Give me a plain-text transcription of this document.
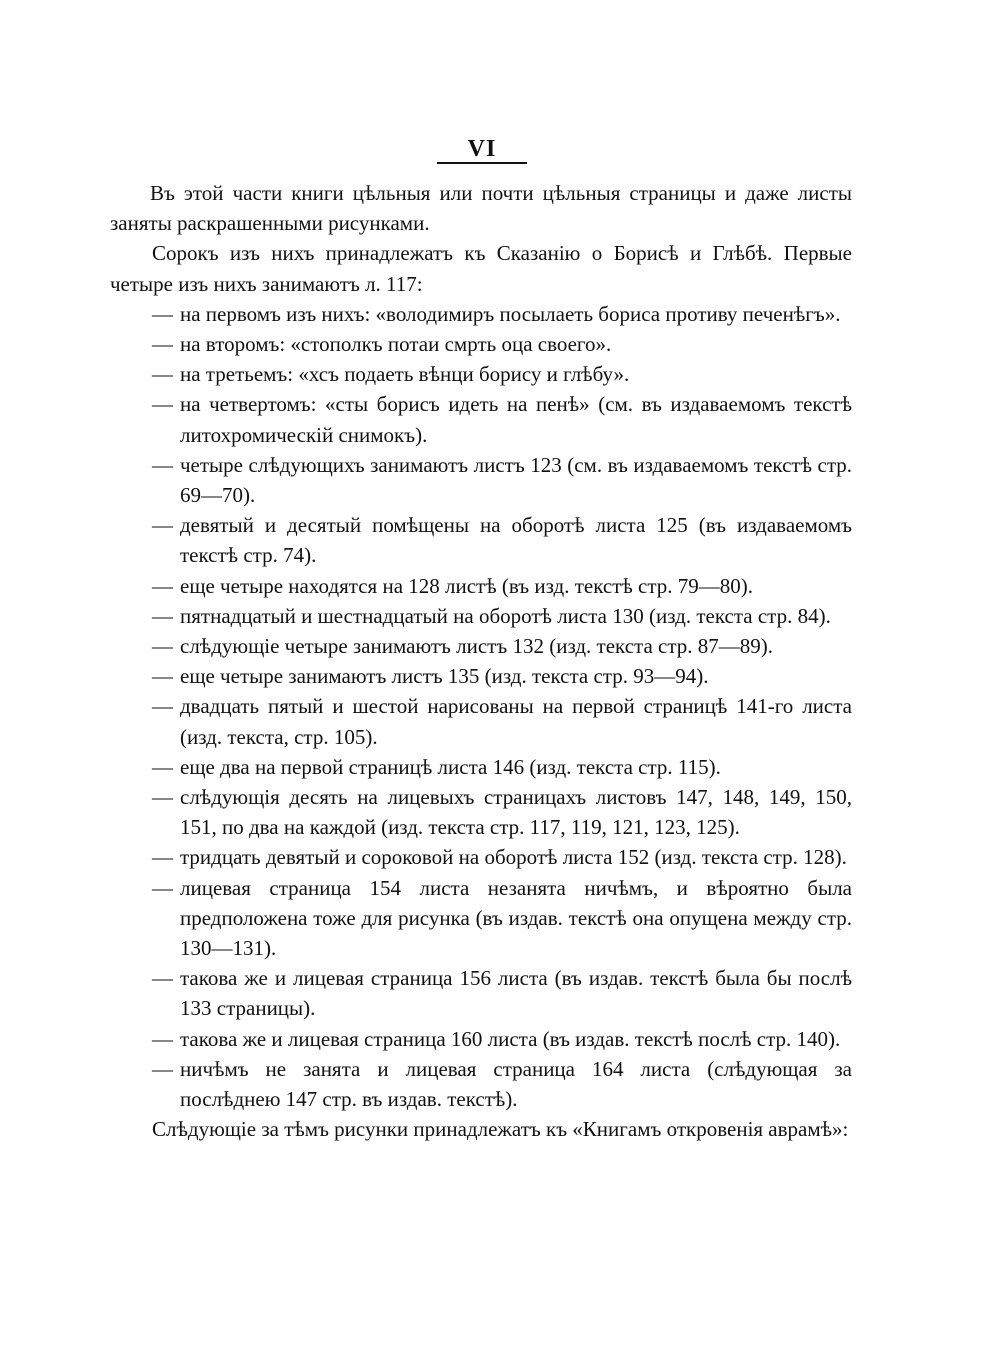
VI

Въ этой части книги цѣльныя или почти цѣльныя страницы и даже листы заняты раскрашенными рисунками.

Сорокъ изъ нихъ принадлежатъ къ Сказанію о Борисѣ и Глѣбѣ. Первые четыре изъ нихъ занимаютъ л. 117:

— на первомъ изъ нихъ: «володимиръ посылаеть бориса противу печенѣгъ».
— на второмъ: «стополкъ потаи смрть оца своего».
— на третьемъ: «хсъ подаеть вѣнци борису и глѣбу».
— на четвертомъ: «сты борисъ идеть на пенѣ» (см. въ издаваемомъ текстѣ литохромическій снимокъ).
— четыре слѣдующихъ занимаютъ листъ 123 (см. въ издаваемомъ текстѣ стр. 69—70).
— девятый и десятый помѣщены на оборотѣ листа 125 (въ издаваемомъ текстѣ стр. 74).
— еще четыре находятся на 128 листѣ (въ изд. текстѣ стр. 79—80).
— пятнадцатый и шестнадцатый на оборотѣ листа 130 (изд. текста стр. 84).
— слѣдующіе четыре занимаютъ листъ 132 (изд. текста стр. 87—89).
— еще четыре занимаютъ листъ 135 (изд. текста стр. 93—94).
— двадцать пятый и шестой нарисованы на первой страницѣ 141-го листа (изд. текста, стр. 105).
— еще два на первой страницѣ листа 146 (изд. текста стр. 115).
— слѣдующія десять на лицевыхъ страницахъ листовъ 147, 148, 149, 150, 151, по два на каждой (изд. текста стр. 117, 119, 121, 123, 125).
— тридцать девятый и сороковой на оборотѣ листа 152 (изд. текста стр. 128).
— лицевая страница 154 листа незанята ничѣмъ, и вѣроятно была предположена тоже для рисунка (въ издав. текстѣ она опущена между стр. 130—131).
— такова же и лицевая страница 156 листа (въ издав. текстѣ была бы послѣ 133 страницы).
— такова же и лицевая страница 160 листа (въ издав. текстѣ послѣ стр. 140).
— ничѣмъ не занята и лицевая страница 164 листа (слѣдующая за послѣднею 147 стр. въ издав. текстѣ).

Слѣдующіе за тѣмъ рисунки принадлежатъ къ «Книгамъ откровенія аврамѣ»:
